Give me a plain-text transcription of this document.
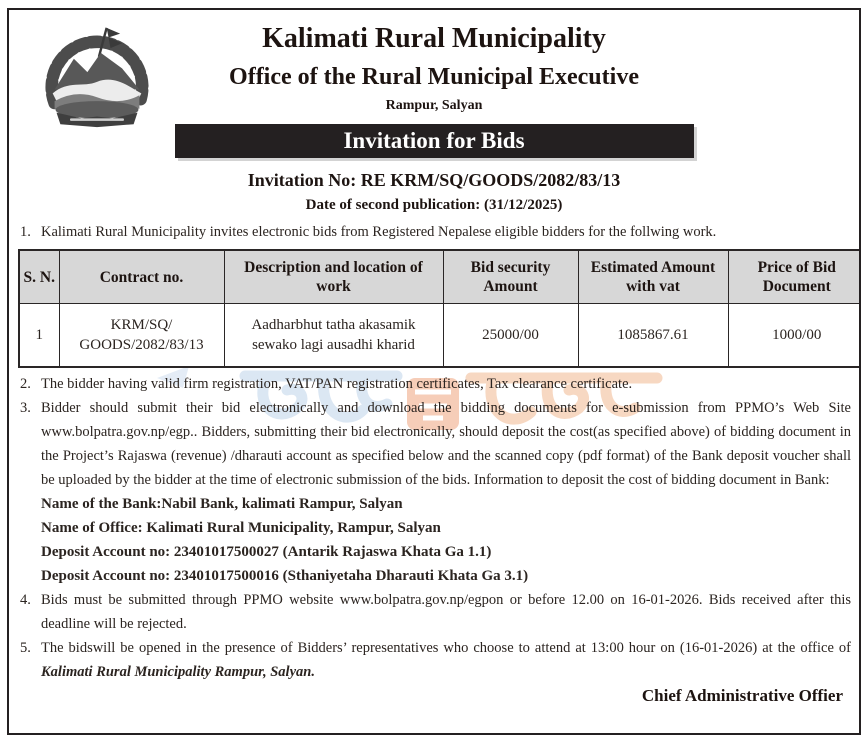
Kalimati Rural Municipality
Office of the Rural Municipal Executive
Rampur, Salyan
Invitation for Bids
Invitation No: RE KRM/SQ/GOODS/2082/83/13
Date of second publication: (31/12/2025)
1. Kalimati Rural Municipality invites electronic bids from Registered Nepalese eligible bidders for the follwing work.
S. N.	Contract no.	Description and location of work	Bid security Amount	Estimated Amount with vat	Price of Bid Document
1	KRM/SQ/ GOODS/2082/83/13	Aadharbhut tatha akasamik sewako lagi ausadhi kharid	25000/00	1085867.61	1000/00
2. The bidder having valid firm registration, VAT/PAN registration certificates, Tax clearance certificate.
3. Bidder should submit their bid electronically and download the bidding documents for e-submission from PPMO’s Web Site www.bolpatra.gov.np/egp.. Bidders, submitting their bid electronically, should deposit the cost(as specified above) of bidding document in the Project’s Rajaswa (revenue) /dharauti account as specified below and the scanned copy (pdf format) of the Bank deposit voucher shall be uploaded by the bidder at the time of electronic submission of the bids. Information to deposit the cost of bidding document in Bank:
Name of the Bank:Nabil Bank, kalimati Rampur, Salyan
Name of Office: Kalimati Rural Municipality, Rampur, Salyan
Deposit Account no: 23401017500027 (Antarik Rajaswa Khata Ga 1.1)
Deposit Account no: 23401017500016 (Sthaniyetaha Dharauti Khata Ga 3.1)
4. Bids must be submitted through PPMO website www.bolpatra.gov.np/egpon or before 12.00 on 16-01-2026. Bids received after this deadline will be rejected.
5. The bidswill be opened in the presence of Bidders’ representatives who choose to attend at 13:00 hour on (16-01-2026) at the office of Kalimati Rural Municipality Rampur, Salyan.
Chief Administrative Offier
